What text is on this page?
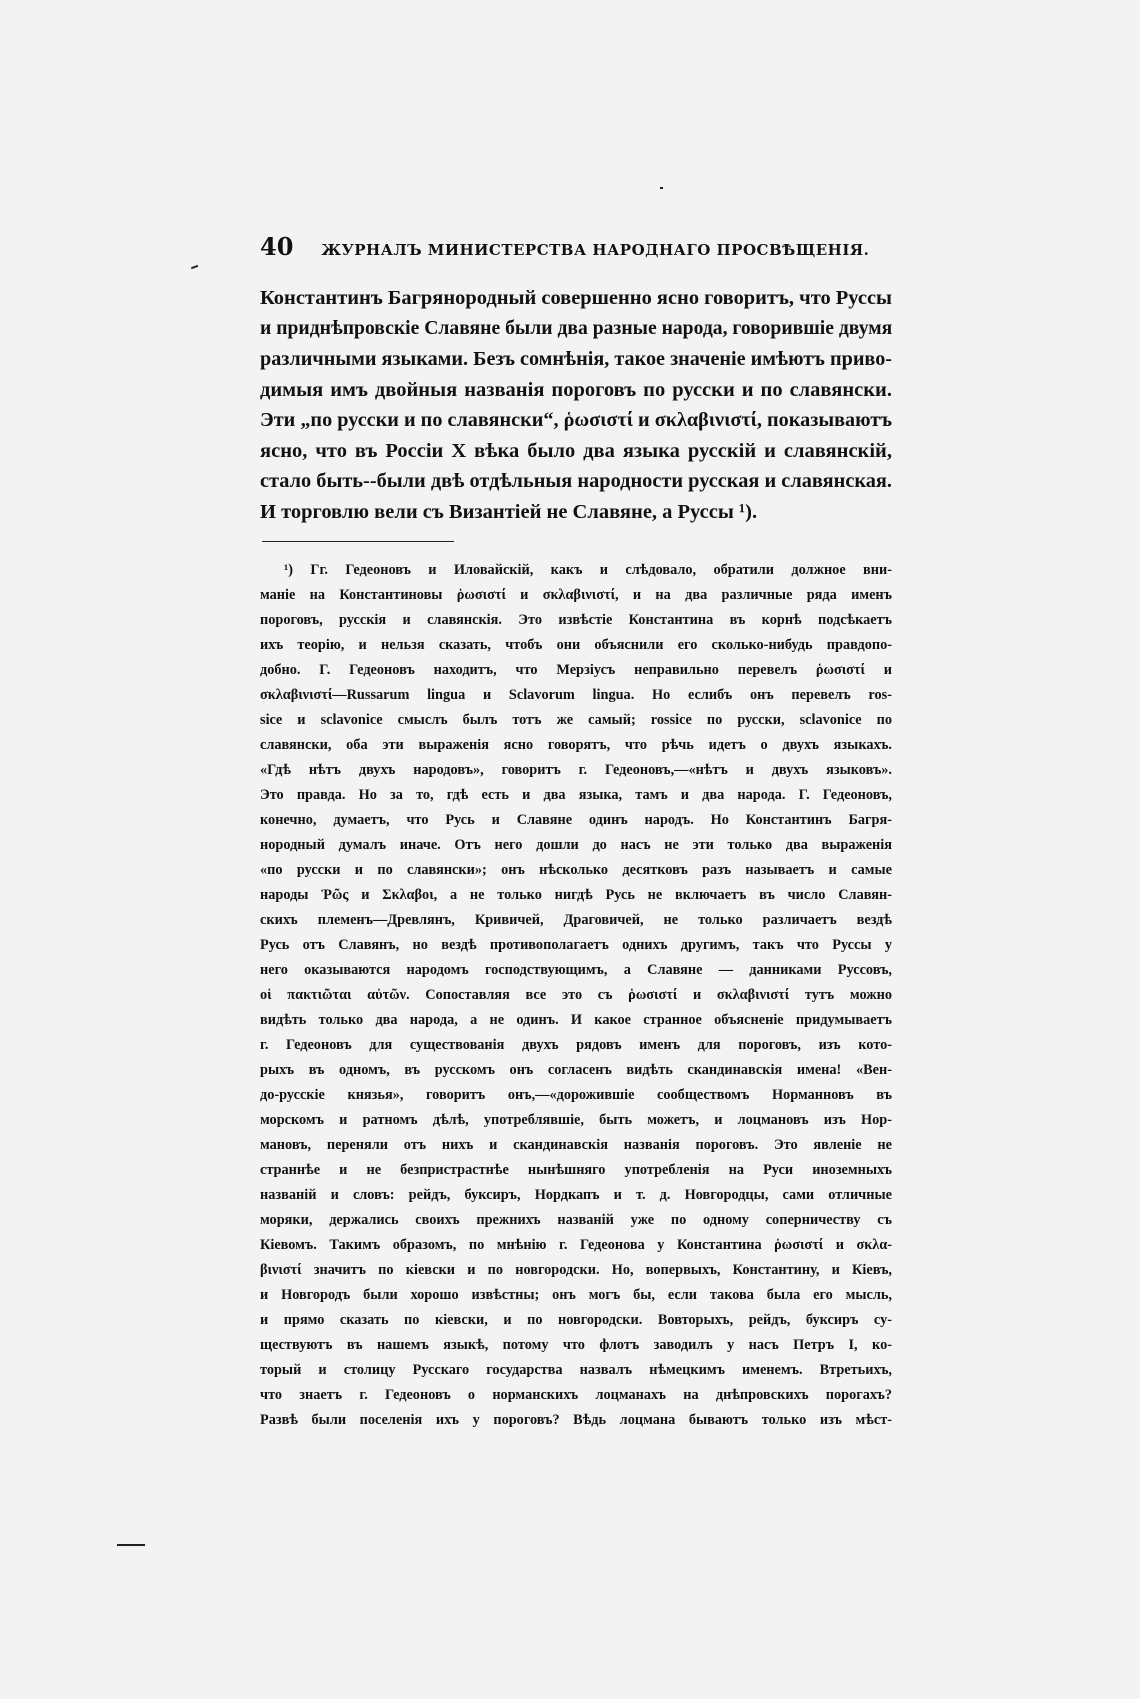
40 ЖУРНАЛЪ МИНИСТЕРСТВА НАРОДНАГО ПРОСВѢЩЕНІЯ.
Константинъ Багрянородный совершенно ясно говоритъ, что Руссы
и приднѣпровскіе Славяне были два разные народа, говорившіе двумя
различными языками. Безъ сомнѣнія, такое значеніе имѣютъ приво-
димыя имъ двойныя названія пороговъ по русски и по славянски.
Эти „по русски и по славянски“, ῥωσιστί и σκλαβινιστί, показываютъ
ясно, что въ Россіи X вѣка было два языка русскій и славянскій,
стало быть--были двѣ отдѣльныя народности русская и славянская.
И торговлю вели съ Византіей не Славяне, а Руссы ¹).
¹) Гг. Гедеоновъ и Иловайскій, какъ и слѣдовало, обратили должное вни-
маніе на Константиновы ῥωσιστί и σκλαβινιστί, и на два различные ряда именъ
пороговъ, русскія и славянскія. Это извѣстіе Константина въ корнѣ подсѣкаетъ
ихъ теорію, и нельзя сказать, чтобъ они объяснили его сколько-нибудь правдопо-
добно. Г. Гедеоновъ находитъ, что Мерзіусъ неправильно перевелъ ῥωσιστί и
σκλαβινιστί—Russarum lingua и Sclavorum lingua. Но еслибъ онъ перевелъ ros-
sice и sclavonice смыслъ былъ тотъ же самый; rossice по русски, sclavonice по
славянски, оба эти выраженія ясно говорятъ, что рѣчь идетъ о двухъ языкахъ.
«Гдѣ нѣтъ двухъ народовъ», говоритъ г. Гедеоновъ,—«нѣтъ и двухъ языковъ».
Это правда. Но за то, гдѣ есть и два языка, тамъ и два народа. Г. Гедеоновъ,
конечно, думаетъ, что Русь и Славяне одинъ народъ. Но Константинъ Багря-
нородный думалъ иначе. Отъ него дошли до насъ не эти только два выраженія
«по русски и по славянски»; онъ нѣсколько десятковъ разъ называетъ и самые
народы Ῥῶς и Σκλαβοι, а не только нигдѣ Русь не включаетъ въ число Славян-
скихъ племенъ—Древлянъ, Кривичей, Драговичей, не только различаетъ вездѣ
Русь отъ Славянъ, но вездѣ противополагаетъ однихъ другимъ, такъ что Руссы у
него оказываются народомъ господствующимъ, а Славяне — данниками Руссовъ,
οἱ πακτιῶται αὐτῶν. Сопоставляя все это съ ῥωσιστί и σκλαβινιστί тутъ можно
видѣть только два народа, а не одинъ. И какое странное объясненіе придумываетъ
г. Гедеоновъ для существованія двухъ рядовъ именъ для пороговъ, изъ кото-
рыхъ въ одномъ, въ русскомъ онъ согласенъ видѣть скандинавскія имена! «Вен-
до-русскіе князья», говоритъ онъ,—«дорожившіе сообществомъ Норманновъ въ
морскомъ и ратномъ дѣлѣ, употреблявшіе, быть можетъ, и лоцмановъ изъ Нор-
мановъ, переняли отъ нихъ и скандинавскія названія пороговъ. Это явленіе не
страннѣе и не безпристрастнѣе нынѣшняго употребленія на Руси иноземныхъ
названій и словъ: рейдъ, буксиръ, Нордкапъ и т. д. Новгородцы, сами отличные
моряки, держались своихъ прежнихъ названій уже по одному соперничеству съ
Кіевомъ. Такимъ образомъ, по мнѣнію г. Гедеонова у Константина ῥωσιστί и σκλα-
βινιστί значитъ по кіевски и по новгородски. Но, вопервыхъ, Константину, и Кіевъ,
и Новгородъ были хорошо извѣстны; онъ могъ бы, если такова была его мысль,
и прямо сказать по кіевски, и по новгородски. Вовторыхъ, рейдъ, буксиръ су-
ществуютъ въ нашемъ языкѣ, потому что флотъ заводилъ у насъ Петръ I, ко-
торый и столицу Русскаго государства назвалъ нѣмецкимъ именемъ. Втретьихъ,
что знаетъ г. Гедеоновъ о норманскихъ лоцманахъ на днѣпровскихъ порогахъ?
Развѣ были поселенія ихъ у пороговъ? Вѣдь лоцмана бываютъ только изъ мѣст-
